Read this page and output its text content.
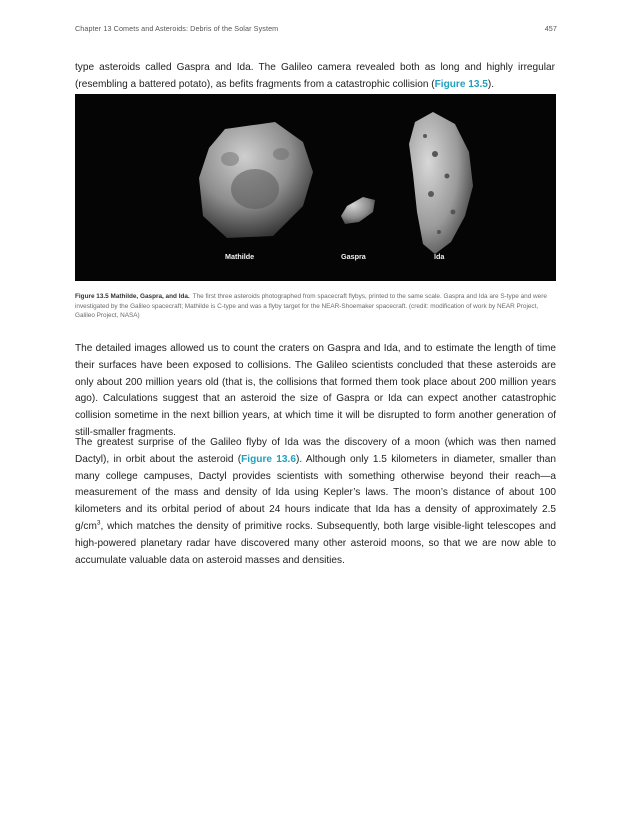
Chapter 13 Comets and Asteroids: Debris of the Solar System	457

type asteroids called Gaspra and Ida. The Galileo camera revealed both as long and highly irregular (resembling a battered potato), as befits fragments from a catastrophic collision (Figure 13.5).

Mathilde	Gaspra	Ida

Figure 13.5 Mathilde, Gaspra, and Ida. The first three asteroids photographed from spacecraft flybys, printed to the same scale. Gaspra and Ida are S-type and were investigated by the Galileo spacecraft; Mathilde is C-type and was a flyby target for the NEAR-Shoemaker spacecraft. (credit: modification of work by NEAR Project, Galileo Project, NASA)

The detailed images allowed us to count the craters on Gaspra and Ida, and to estimate the length of time their surfaces have been exposed to collisions. The Galileo scientists concluded that these asteroids are only about 200 million years old (that is, the collisions that formed them took place about 200 million years ago). Calculations suggest that an asteroid the size of Gaspra or Ida can expect another catastrophic collision sometime in the next billion years, at which time it will be disrupted to form another generation of still-smaller fragments.

The greatest surprise of the Galileo flyby of Ida was the discovery of a moon (which was then named Dactyl), in orbit about the asteroid (Figure 13.6). Although only 1.5 kilometers in diameter, smaller than many college campuses, Dactyl provides scientists with something otherwise beyond their reach—a measurement of the mass and density of Ida using Kepler’s laws. The moon’s distance of about 100 kilometers and its orbital period of about 24 hours indicate that Ida has a density of approximately 2.5 $g/cm^3$, which matches the density of primitive rocks. Subsequently, both large visible-light telescopes and high-powered planetary radar have discovered many other asteroid moons, so that we are now able to accumulate valuable data on asteroid masses and densities.
